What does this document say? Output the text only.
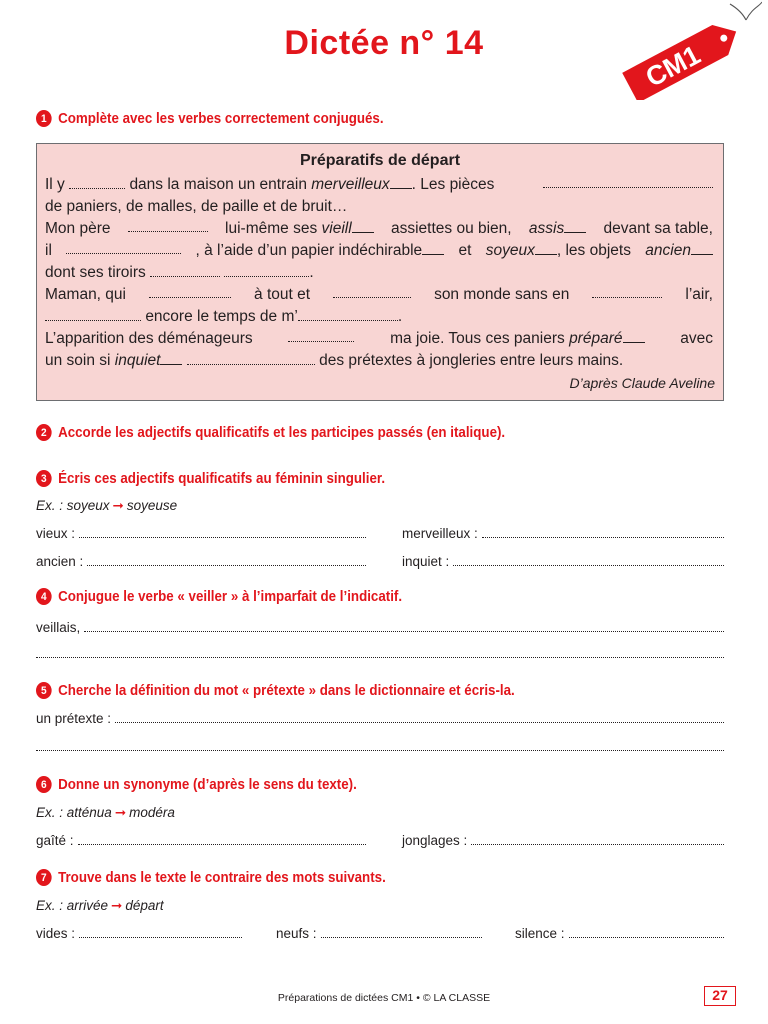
Dictée n° 14	CM1
1 Complète avec les verbes correctement conjugués.
Préparatifs de départ
Il y	dans la maison un entrain merveilleux . Les pièces
de paniers, de malles, de paille et de bruit…
Mon père	lui-même ses vieill	assiettes ou bien, assis	devant sa table,
il	, à l’aide d’un papier indéchirable	et soyeux , les objets ancien
dont ses tiroirs	.
Maman, qui	à tout et	son monde sans en	l’air,
encore le temps de m’	.
L’apparition des déménageurs	ma joie. Tous ces paniers préparé	avec
un soin si inquiet	des prétextes à jongleries entre leurs mains.
D’après Claude Aveline
2 Accorde les adjectifs qualificatifs et les participes passés (en italique).
3 Écris ces adjectifs qualificatifs au féminin singulier.
Ex. : soyeux ➞ soyeuse
vieux :	merveilleux :
ancien :	inquiet :
4 Conjugue le verbe « veiller » à l’imparfait de l’indicatif.
veillais,
5 Cherche la définition du mot « prétexte » dans le dictionnaire et écris-la.
un prétexte :
6 Donne un synonyme (d’après le sens du texte).
Ex. : atténua ➞ modéra
gaîté :	jonglages :
7 Trouve dans le texte le contraire des mots suivants.
Ex. : arrivée ➞ départ
vides :	neufs :	silence :
Préparations de dictées CM1 • © LA CLASSE	27
